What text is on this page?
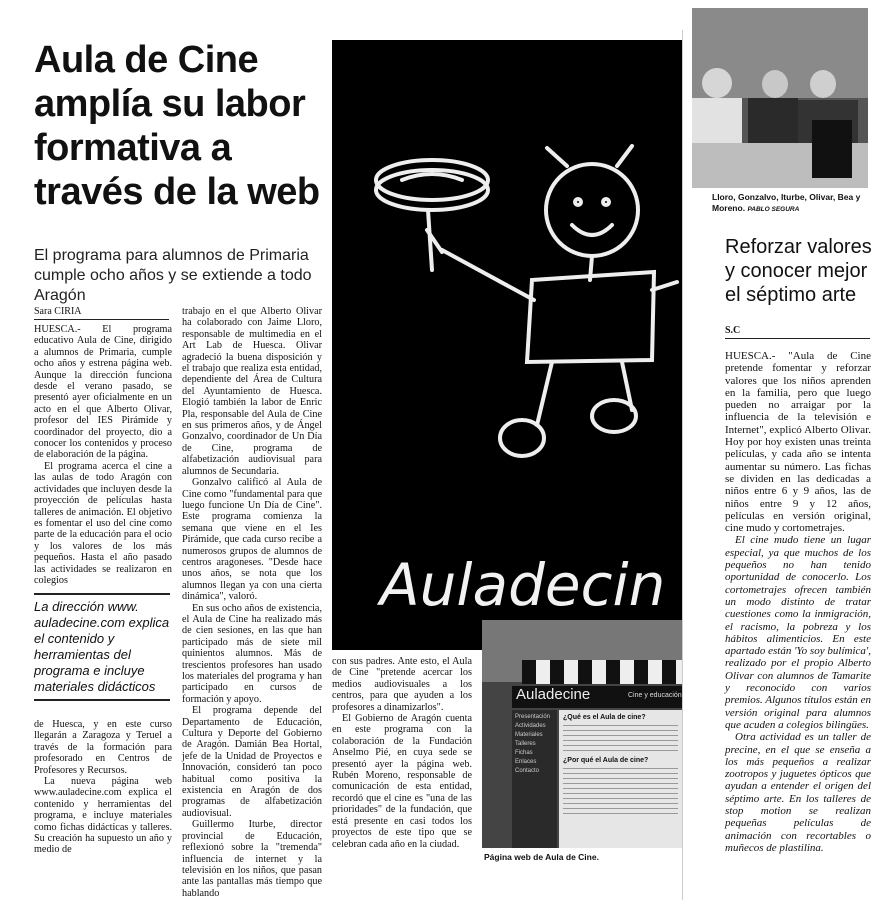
Aula de Cine amplía su labor formativa a través de la web
El programa para alumnos de Primaria cumple ocho años y se extiende a todo Aragón
Sara CIRIA

HUESCA.- El programa educativo Aula de Cine, dirigido a alumnos de Primaria, cumple ocho años y estrena página web. Aunque la dirección funciona desde el verano pasado, se presentó ayer oficialmente en un acto en el que Alberto Olivar, profesor del IES Pirámide y coordinador del proyecto, dio a conocer los contenidos y proceso de elaboración de la página.

El programa acerca el cine a las aulas de todo Aragón con actividades que incluyen desde la proyección de películas hasta talleres de animación. El objetivo es fomentar el uso del cine como parte de la educación para el ocio y los valores de los más pequeños. Hasta el año pasado las actividades se realizaron en colegios

La dirección www. auladecine.com explica el contenido y herramientas del programa e incluye materiales didácticos

de Huesca, y en este curso llegarán a Zaragoza y Teruel a través de la formación para profesorado en Centros de Profesores y Recursos.

La nueva página web www.auladecine.com explica el contenido y herramientas del programa, e incluye materiales como fichas didácticas y talleres. Su creación ha supuesto un año y medio de

trabajo en el que Alberto Olivar ha colaborado con Jaime Lloro, responsable de multimedia en el Art Lab de Huesca. Olivar agradeció la buena disposición y el trabajo que realiza esta entidad, dependiente del Área de Cultura del Ayuntamiento de Huesca. Elogió también la labor de Enric Pla, responsable del Aula de Cine en sus primeros años, y de Ángel Gonzalvo, coordinador de Un Día de Cine, programa de alfabetización audiovisual para alumnos de Secundaria.

Gonzalvo calificó al Aula de Cine como "fundamental para que luego funcione Un Día de Cine". Este programa comienza la semana que viene en el Ies Pirámide, que cada curso recibe a numerosos grupos de alumnos de centros aragoneses. "Desde hace unos años, se nota que los alumnos llegan ya con una cierta dinámica", valoró.

En sus ocho años de existencia, el Aula de Cine ha realizado más de cien sesiones, en las que han participado más de siete mil quinientos alumnos. Más de trescientos profesores han usado los materiales del programa y han participado en cursos de formación y apoyo.

El programa depende del Departamento de Educación, Cultura y Deporte del Gobierno de Aragón. Damián Bea Hortal, jefe de la Unidad de Proyectos e Innovación, consideró tan poco habitual como positiva la existencia en Aragón de dos programas de alfabetización audiovisual.

Guillermo Iturbe, director provincial de Educación, reflexionó sobre la "tremenda" influencia de internet y la televisión en los niños, que pasan ante las pantallas más tiempo que hablando

con sus padres. Ante esto, el Aula de Cine "pretende acercar los medios audiovisuales a los centros, para que ayuden a los profesores a dinamizarlos".

El Gobierno de Aragón cuenta en este programa con la colaboración de la Fundación Anselmo Pié, en cuya sede se presentó ayer la página web. Rubén Moreno, responsable de comunicación de esta entidad, recordó que el cine es "una de las prioridades" de la fundación, que está presente en casi todos los proyectos de este tipo que se celebran cada año en la ciudad.

Auladecin
Auladecine	Cine y educación
Presentación
Actividades
Materiales
Talleres
Fichas
Enlaces
Contacto
¿Qué es el Aula de cine?
¿Por qué el Aula de cine?
Página web de Aula de Cine.
Lloro, Gonzalvo, Iturbe, Olivar, Bea y Moreno. PABLO SEGURA
Reforzar valores y conocer mejor el séptimo arte
S.C

HUESCA.- "Aula de Cine pretende fomentar y reforzar valores que los niños aprenden en la familia, pero que luego pueden no arraigar por la influencia de la televisión e Internet", explicó Alberto Olivar. Hoy por hoy existen unas treinta películas, y cada año se intenta aumentar su número. Las fichas se dividen en las dedicadas a niños entre 6 y 9 años, las de niños entre 9 y 12 años, películas en versión original, cine mudo y cortometrajes.

El cine mudo tiene un lugar especial, ya que muchos de los pequeños no han tenido oportunidad de conocerlo. Los cortometrajes ofrecen también un modo distinto de tratar cuestiones como la inmigración, el racismo, la pobreza y los hábitos alimenticios. En este apartado están 'Yo soy bulímica', realizado por el propio Alberto Olivar con alumnos de Tamarite y reconocido con varios premios. Algunos títulos están en versión original para alumnos que acuden a colegios bilingües.

Otra actividad es un taller de precine, en el que se enseña a los más pequeños a realizar zootropos y juguetes ópticos que ayudan a entender el origen del séptimo arte. En los talleres de stop motion se realizan pequeñas películas de animación con recortables o muñecos de plastilina.
